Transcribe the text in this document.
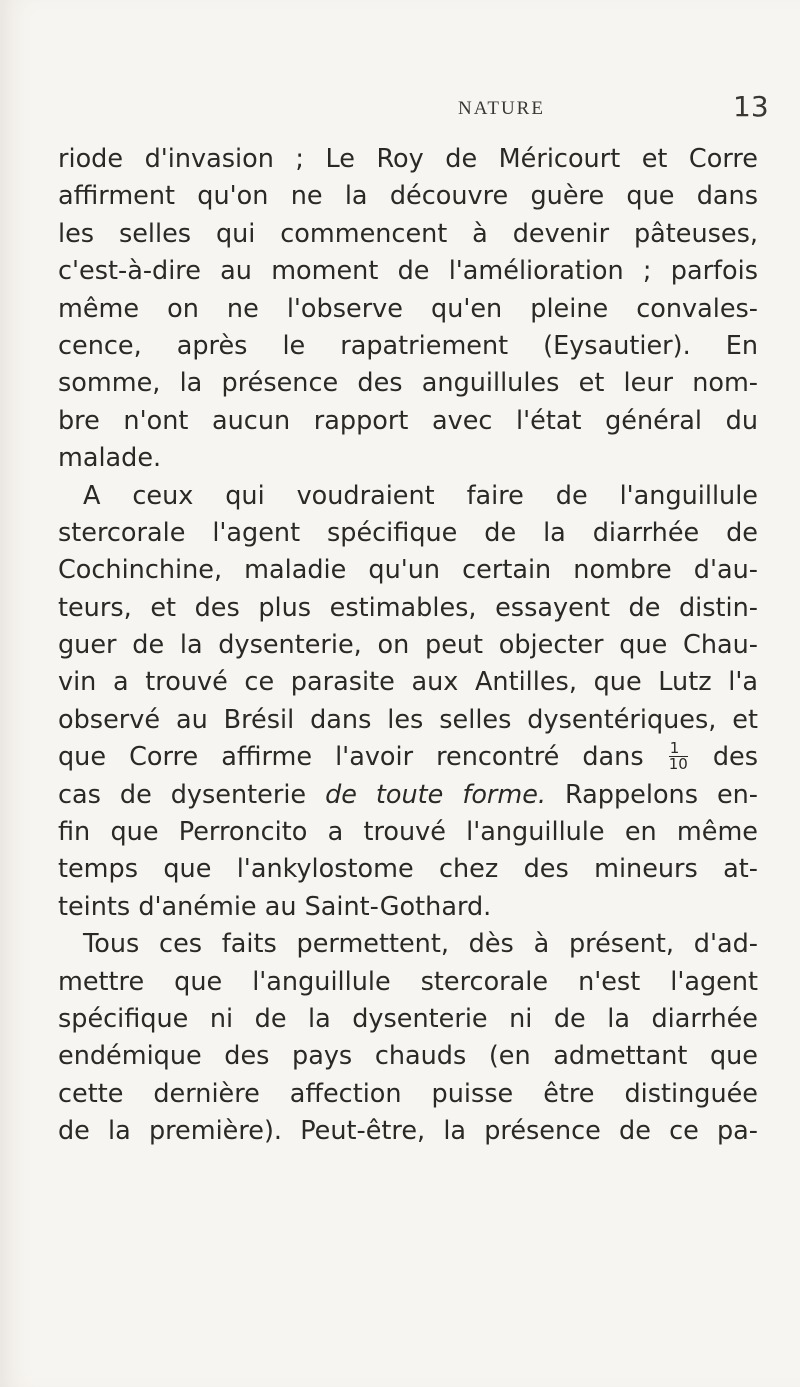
NATURE	13
riode d'invasion ; Le Roy de Méricourt et Corre
affirment qu'on ne la découvre guère que dans
les selles qui commencent à devenir pâteuses,
c'est-à-dire au moment de l'amélioration ; parfois
même on ne l'observe qu'en pleine convales-
cence, après le rapatriement (Eysautier). En
somme, la présence des anguillules et leur nom-
bre n'ont aucun rapport avec l'état général du
malade.
A ceux qui voudraient faire de l'anguillule
stercorale l'agent spécifique de la diarrhée de
Cochinchine, maladie qu'un certain nombre d'au-
teurs, et des plus estimables, essayent de distin-
guer de la dysenterie, on peut objecter que Chau-
vin a trouvé ce parasite aux Antilles, que Lutz l'a
observé au Brésil dans les selles dysentériques, et
que Corre affirme l'avoir rencontré dans $\frac{1}{10}$ des
cas de dysenterie de toute forme. Rappelons en-
fin que Perroncito a trouvé l'anguillule en même
temps que l'ankylostome chez des mineurs at-
teints d'anémie au Saint-Gothard.
Tous ces faits permettent, dès à présent, d'ad-
mettre que l'anguillule stercorale n'est l'agent
spécifique ni de la dysenterie ni de la diarrhée
endémique des pays chauds (en admettant que
cette dernière affection puisse être distinguée
de la première). Peut-être, la présence de ce pa-
